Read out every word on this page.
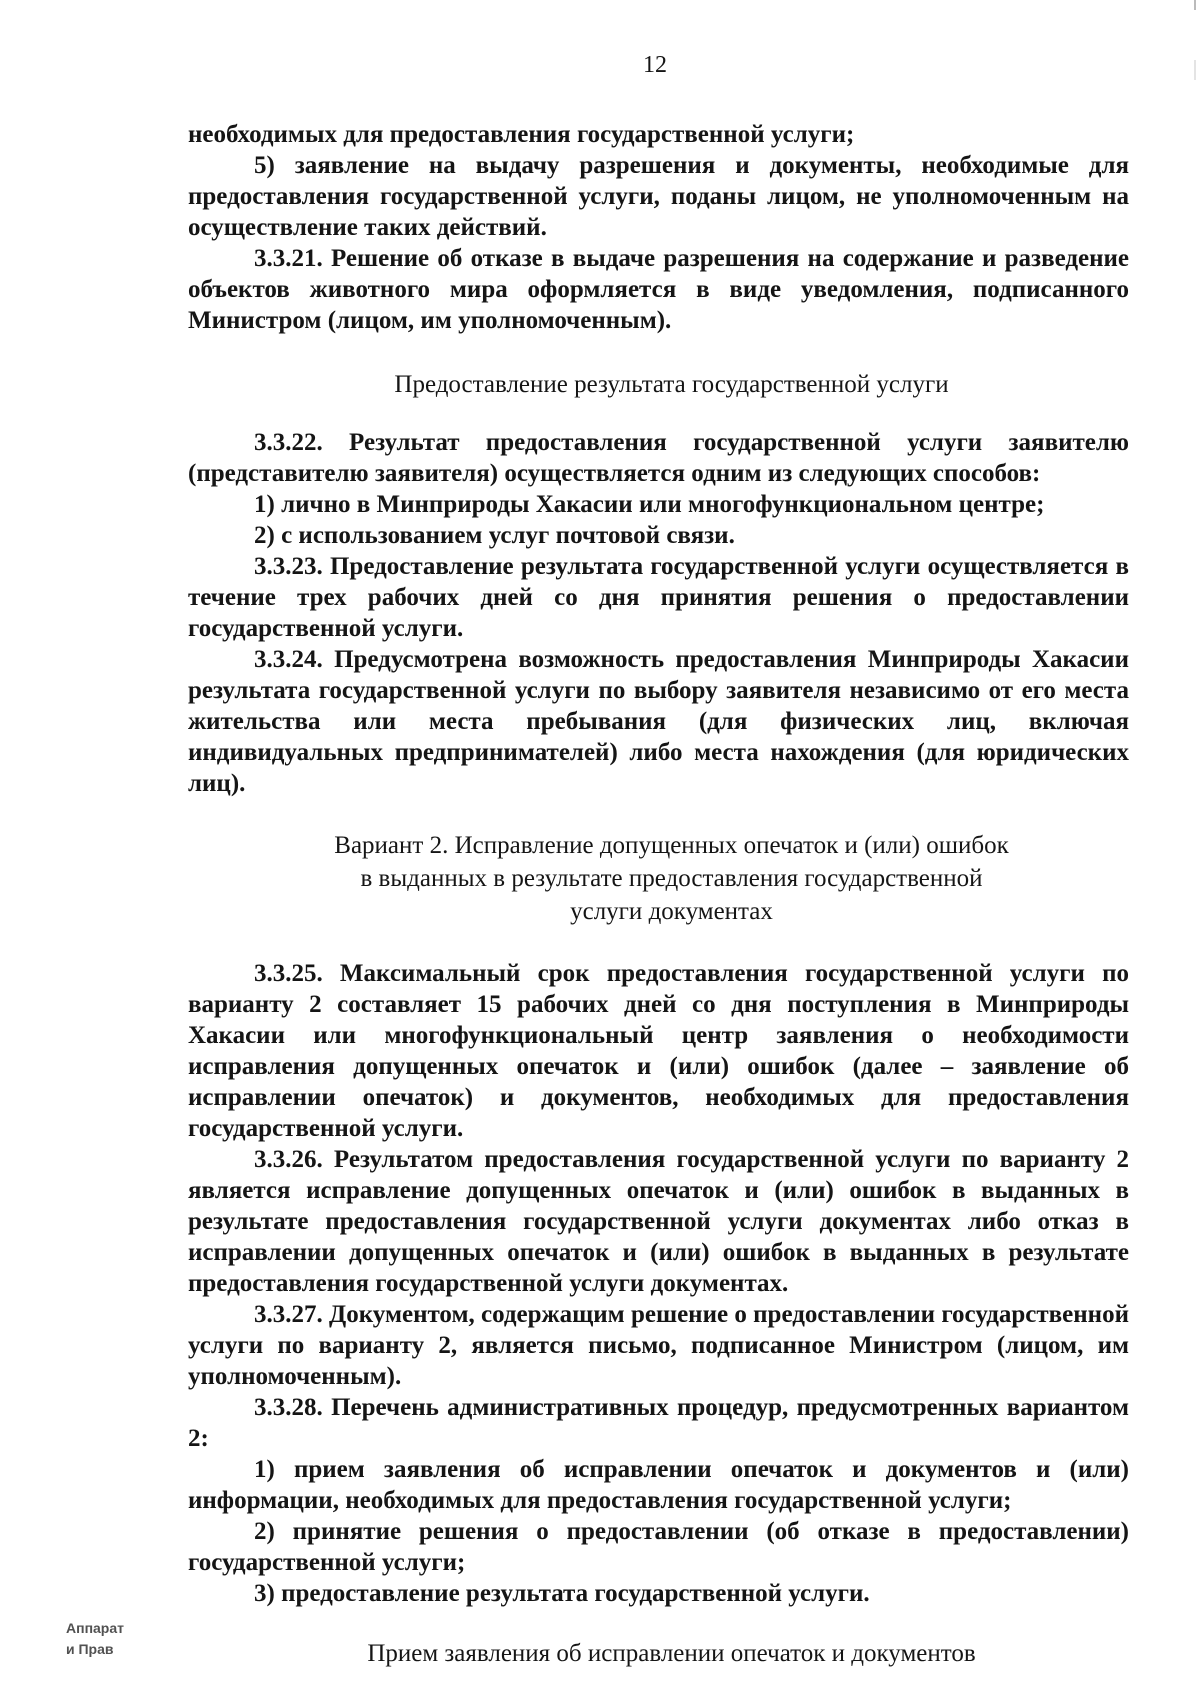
12

необходимых для предоставления государственной услуги;

5) заявление на выдачу разрешения и документы, необходимые для предоставления государственной услуги, поданы лицом, не уполномоченным на осуществление таких действий.

3.3.21. Решение об отказе в выдаче разрешения на содержание и разведение объектов животного мира оформляется в виде уведомления, подписанного Министром (лицом, им уполномоченным).

Предоставление результата государственной услуги

3.3.22. Результат предоставления государственной услуги заявителю (представителю заявителя) осуществляется одним из следующих способов:

1) лично в Минприроды Хакасии или многофункциональном центре;

2) с использованием услуг почтовой связи.

3.3.23. Предоставление результата государственной услуги осуществляется в течение трех рабочих дней со дня принятия решения о предоставлении государственной услуги.

3.3.24. Предусмотрена возможность предоставления Минприроды Хакасии результата государственной услуги по выбору заявителя независимо от его места жительства или места пребывания (для физических лиц, включая индивидуальных предпринимателей) либо места нахождения (для юридических лиц).

Вариант 2. Исправление допущенных опечаток и (или) ошибок

в выданных в результате предоставления государственной

услуги документах

3.3.25. Максимальный срок предоставления государственной услуги по варианту 2 составляет 15 рабочих дней со дня поступления в Минприроды Хакасии или многофункциональный центр заявления о необходимости исправления допущенных опечаток и (или) ошибок (далее – заявление об исправлении опечаток) и документов, необходимых для предоставления государственной услуги.

3.3.26. Результатом предоставления государственной услуги по варианту 2 является исправление допущенных опечаток и (или) ошибок в выданных в результате предоставления государственной услуги документах либо отказ в исправлении допущенных опечаток и (или) ошибок в выданных в результате предоставления государственной услуги документах.

3.3.27. Документом, содержащим решение о предоставлении государственной услуги по варианту 2, является письмо, подписанное Министром (лицом, им уполномоченным).

3.3.28. Перечень административных процедур, предусмотренных вариантом 2:

1) прием заявления об исправлении опечаток и документов и (или) информации, необходимых для предоставления государственной услуги;

2) принятие решения о предоставлении (об отказе в предоставлении) государственной услуги;

3) предоставление результата государственной услуги.

Прием заявления об исправлении опечаток и документов

Аппарат
и Прав
